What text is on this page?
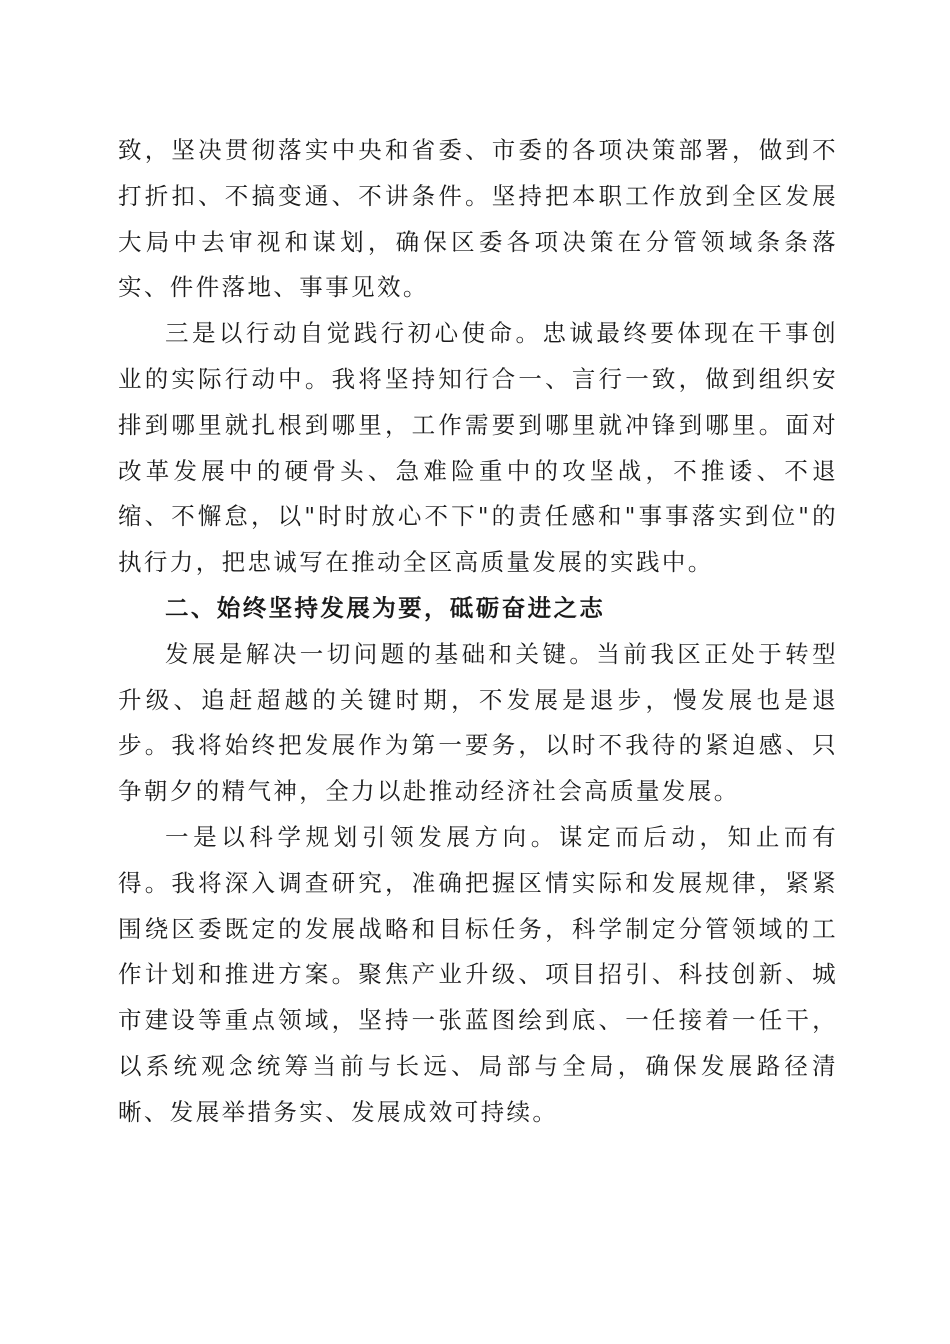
致，坚决贯彻落实中央和省委、市委的各项决策部署，做到不打折扣、不搞变通、不讲条件。坚持把本职工作放到全区发展大局中去审视和谋划，确保区委各项决策在分管领域条条落实、件件落地、事事见效。

三是以行动自觉践行初心使命。忠诚最终要体现在干事创业的实际行动中。我将坚持知行合一、言行一致，做到组织安排到哪里就扎根到哪里，工作需要到哪里就冲锋到哪里。面对改革发展中的硬骨头、急难险重中的攻坚战，不推诿、不退缩、不懈怠，以"时时放心不下"的责任感和"事事落实到位"的执行力，把忠诚写在推动全区高质量发展的实践中。

二、始终坚持发展为要，砥砺奋进之志

发展是解决一切问题的基础和关键。当前我区正处于转型升级、追赶超越的关键时期，不发展是退步，慢发展也是退步。我将始终把发展作为第一要务，以时不我待的紧迫感、只争朝夕的精气神，全力以赴推动经济社会高质量发展。

一是以科学规划引领发展方向。谋定而后动，知止而有得。我将深入调查研究，准确把握区情实际和发展规律，紧紧围绕区委既定的发展战略和目标任务，科学制定分管领域的工作计划和推进方案。聚焦产业升级、项目招引、科技创新、城市建设等重点领域，坚持一张蓝图绘到底、一任接着一任干，以系统观念统筹当前与长远、局部与全局，确保发展路径清晰、发展举措务实、发展成效可持续。
